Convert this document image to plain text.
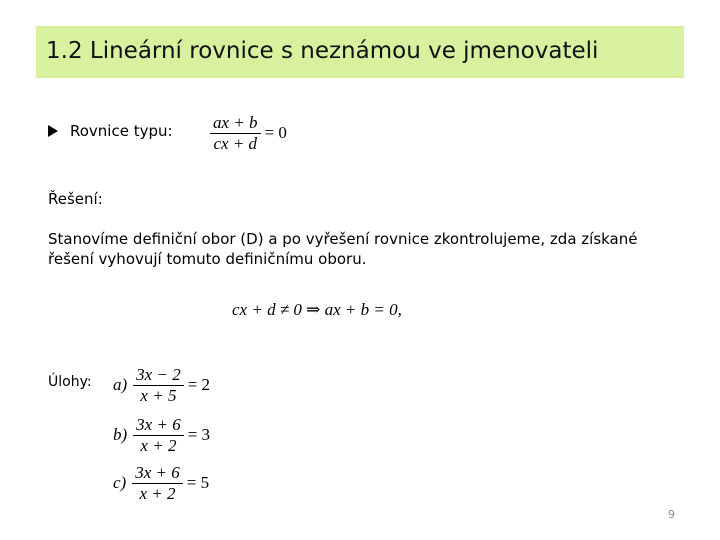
1.2 Lineární rovnice s neznámou ve jmenovateli
Rovnice typu: $\frac{ax + b}{cx + d} = 0$
Řešení:
Stanovíme definiční obor (D) a po vyřešení rovnice zkontrolujeme, zda získané řešení vyhovují tomuto definičnímu oboru.
cx + d ≠ 0 ⇒ ax + b = 0,
Úlohy: $a) \frac{3x - 2}{x + 5} = 2$
$b) \frac{3x + 6}{x + 2} = 3$
$c) \frac{3x + 6}{x + 2} = 5$
9
